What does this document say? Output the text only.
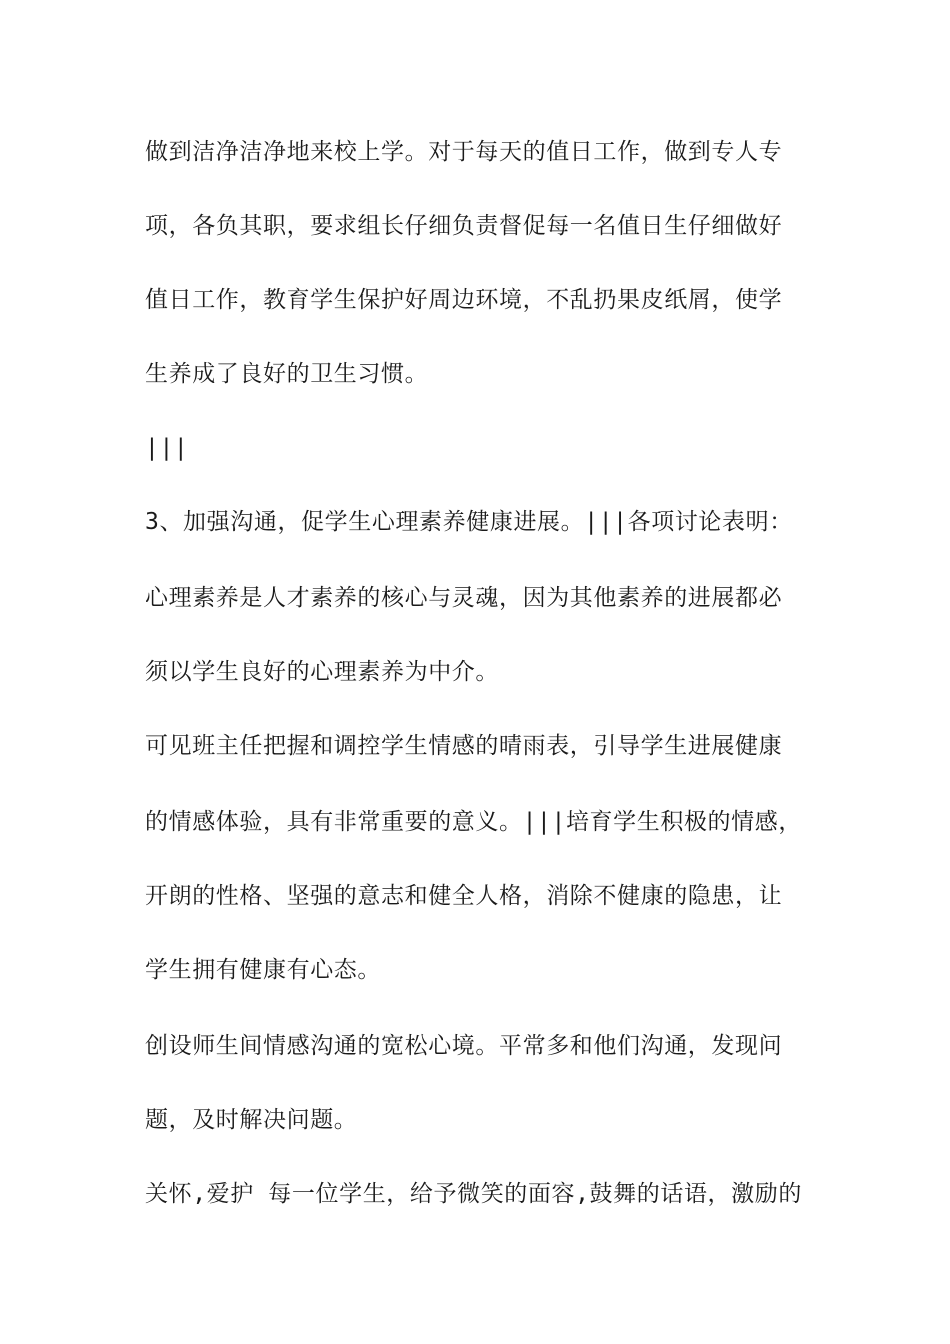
做到洁净洁净地来校上学。对于每天的值日工作，做到专人专
项，各负其职，要求组长仔细负责督促每一名值日生仔细做好
值日工作，教育学生保护好周边环境，不乱扔果皮纸屑，使学
生养成了良好的卫生习惯。
|||
3、加强沟通，促学生心理素养健康进展。|||各项讨论表明：
心理素养是人才素养的核心与灵魂，因为其他素养的进展都必
须以学生良好的心理素养为中介。
可见班主任把握和调控学生情感的晴雨表，引导学生进展健康
的情感体验，具有非常重要的意义。|||培育学生积极的情感，
开朗的性格、坚强的意志和健全人格，消除不健康的隐患，让
学生拥有健康有心态。
创设师生间情感沟通的宽松心境。平常多和他们沟通，发现问
题，及时解决问题。
关怀,爱护 每一位学生，给予微笑的面容,鼓舞的话语，激励的
